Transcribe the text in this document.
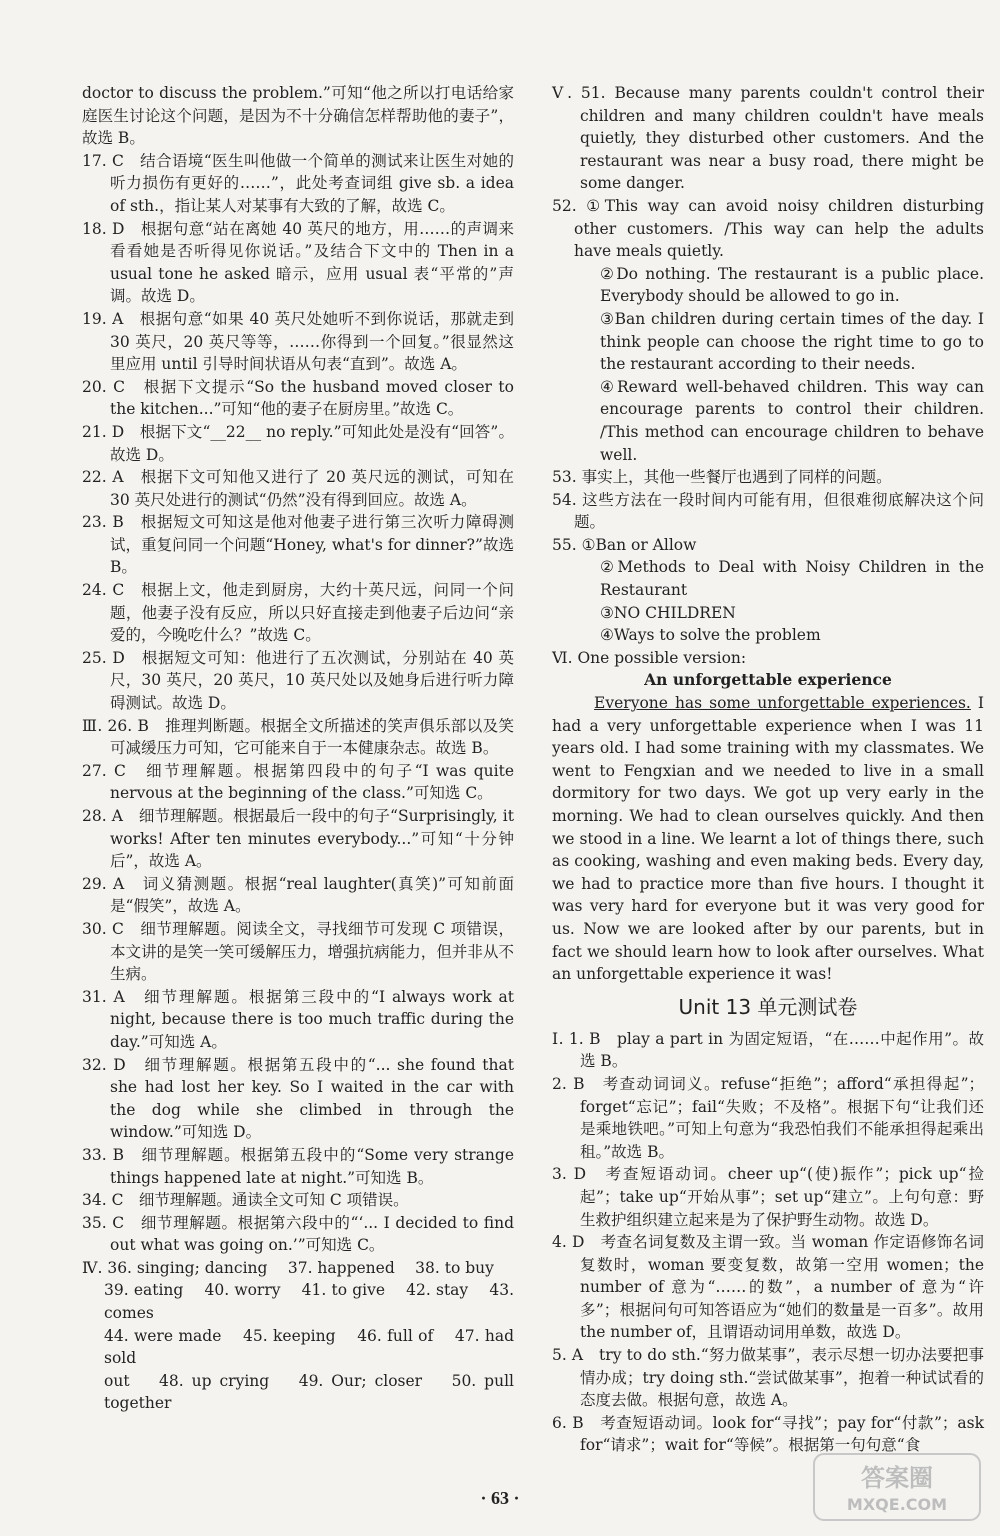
doctor to discuss the problem.”可知“他之所以打电话给家庭医生讨论这个问题，是因为不十分确信怎样帮助他的妻子”，故选 B。

17. C　结合语境“医生叫他做一个简单的测试来让医生对她的听力损伤有更好的……”，此处考查词组 give sb. a idea of sth.，指让某人对某事有大致的了解，故选 C。

18. D　根据句意“站在离她 40 英尺的地方，用……的声调来看看她是否听得见你说话。”及结合下文中的 Then in a usual tone he asked 暗示，应用 usual 表“平常的”声调。故选 D。

19. A　根据句意“如果 40 英尺处她听不到你说话，那就走到 30 英尺，20 英尺等等，……你得到一个回复。”很显然这里应用 until 引导时间状语从句表“直到”。故选 A。

20. C　根据下文提示“So the husband moved closer to the kitchen...”可知“他的妻子在厨房里。”故选 C。

21. D　根据下文“__22__ no reply.”可知此处是没有“回答”。故选 D。

22. A　根据下文可知他又进行了 20 英尺远的测试，可知在 30 英尺处进行的测试“仍然”没有得到回应。故选 A。

23. B　根据短文可知这是他对他妻子进行第三次听力障碍测试，重复问同一个问题“Honey, what's for dinner?”故选 B。

24. C　根据上文，他走到厨房，大约十英尺远，问同一个问题，他妻子没有反应，所以只好直接走到他妻子后边问“亲爱的，今晚吃什么？”故选 C。

25. D　根据短文可知：他进行了五次测试，分别站在 40 英尺，30 英尺，20 英尺，10 英尺处以及她身后进行听力障碍测试。故选 D。

Ⅲ. 26. B　推理判断题。根据全文所描述的笑声俱乐部以及笑可减缓压力可知，它可能来自于一本健康杂志。故选 B。

27. C　细节理解题。根据第四段中的句子“I was quite nervous at the beginning of the class.”可知选 C。

28. A　细节理解题。根据最后一段中的句子“Surprisingly, it works! After ten minutes everybody...”可知“十分钟后”，故选 A。

29. A　词义猜测题。根据“real laughter(真笑)”可知前面是“假笑”，故选 A。

30. C　细节理解题。阅读全文，寻找细节可发现 C 项错误，本文讲的是笑一笑可缓解压力，增强抗病能力，但并非从不生病。

31. A　细节理解题。根据第三段中的“I always work at night, because there is too much traffic during the day.”可知选 A。

32. D　细节理解题。根据第五段中的“... she found that she had lost her key. So I waited in the car with the dog while she climbed in through the window.”可知选 D。

33. B　细节理解题。根据第五段中的“Some very strange things happened late at night.”可知选 B。

34. C　细节理解题。通读全文可知 C 项错误。

35. C　细节理解题。根据第六段中的“‘... I decided to find out what was going on.’”可知选 C。

Ⅳ. 36. singing; dancing　 37. happened　 38. to buy

39. eating　 40. worry　 41. to give　 42. stay　 43. comes

44. were made　 45. keeping　 46. full of　 47. had sold

out　 48. up crying　 49. Our; closer　 50. pull together

Ⅴ. 51. Because many parents couldn't control their children and many children couldn't have meals quietly, they disturbed other customers. And the restaurant was near a busy road, there might be some danger.

52. ①This way can avoid noisy children disturbing other customers. /This way can help the adults have meals quietly.

②Do nothing. The restaurant is a public place. Everybody should be allowed to go in.

③Ban children during certain times of the day. I think people can choose the right time to go to the restaurant according to their needs.

④Reward well-behaved children. This way can encourage parents to control their children. /This method can encourage children to behave well.

53. 事实上，其他一些餐厅也遇到了同样的问题。

54. 这些方法在一段时间内可能有用，但很难彻底解决这个问题。

55. ①Ban or Allow

②Methods to Deal with Noisy Children in the Restaurant

③NO CHILDREN

④Ways to solve the problem

Ⅵ. One possible version:

An unforgettable experience

Everyone has some unforgettable experiences. I had a very unforgettable experience when I was 11 years old. I had some training with my classmates. We went to Fengxian and we needed to live in a small dormitory for two days. We got up very early in the morning. We had to clean ourselves quickly. And then we stood in a line. We learnt a lot of things there, such as cooking, washing and even making beds. Every day, we had to practice more than five hours. I thought it was very hard for everyone but it was very good for us. Now we are looked after by our parents, but in fact we should learn how to look after ourselves. What an unforgettable experience it was!

Unit 13 单元测试卷

Ⅰ. 1. B　play a part in 为固定短语，“在……中起作用”。故选 B。

2. B　考查动词词义。refuse“拒绝”；afford“承担得起”；forget“忘记”；fail“失败；不及格”。根据下句“让我们还是乘地铁吧。”可知上句意为“我恐怕我们不能承担得起乘出租。”故选 B。

3. D　考查短语动词。cheer up“(使)振作”；pick up“捡起”；take up“开始从事”；set up“建立”。上句句意：野生救护组织建立起来是为了保护野生动物。故选 D。

4. D　考查名词复数及主谓一致。当 woman 作定语修饰名词复数时，woman 要变复数，故第一空用 women；the number of 意为“……的数”，a number of 意为“许多”；根据问句可知答语应为“她们的数量是一百多”。故用 the number of，且谓语动词用单数，故选 D。

5. A　try to do sth.“努力做某事”，表示尽想一切办法要把事情办成；try doing sth.“尝试做某事”，抱着一种试试看的态度去做。根据句意，故选 A。

6. B　考查短语动词。look for“寻找”；pay for“付款”；ask for“请求”；wait for“等候”。根据第一句句意“食

· 63 ·
答案圈
MXQE.COM
